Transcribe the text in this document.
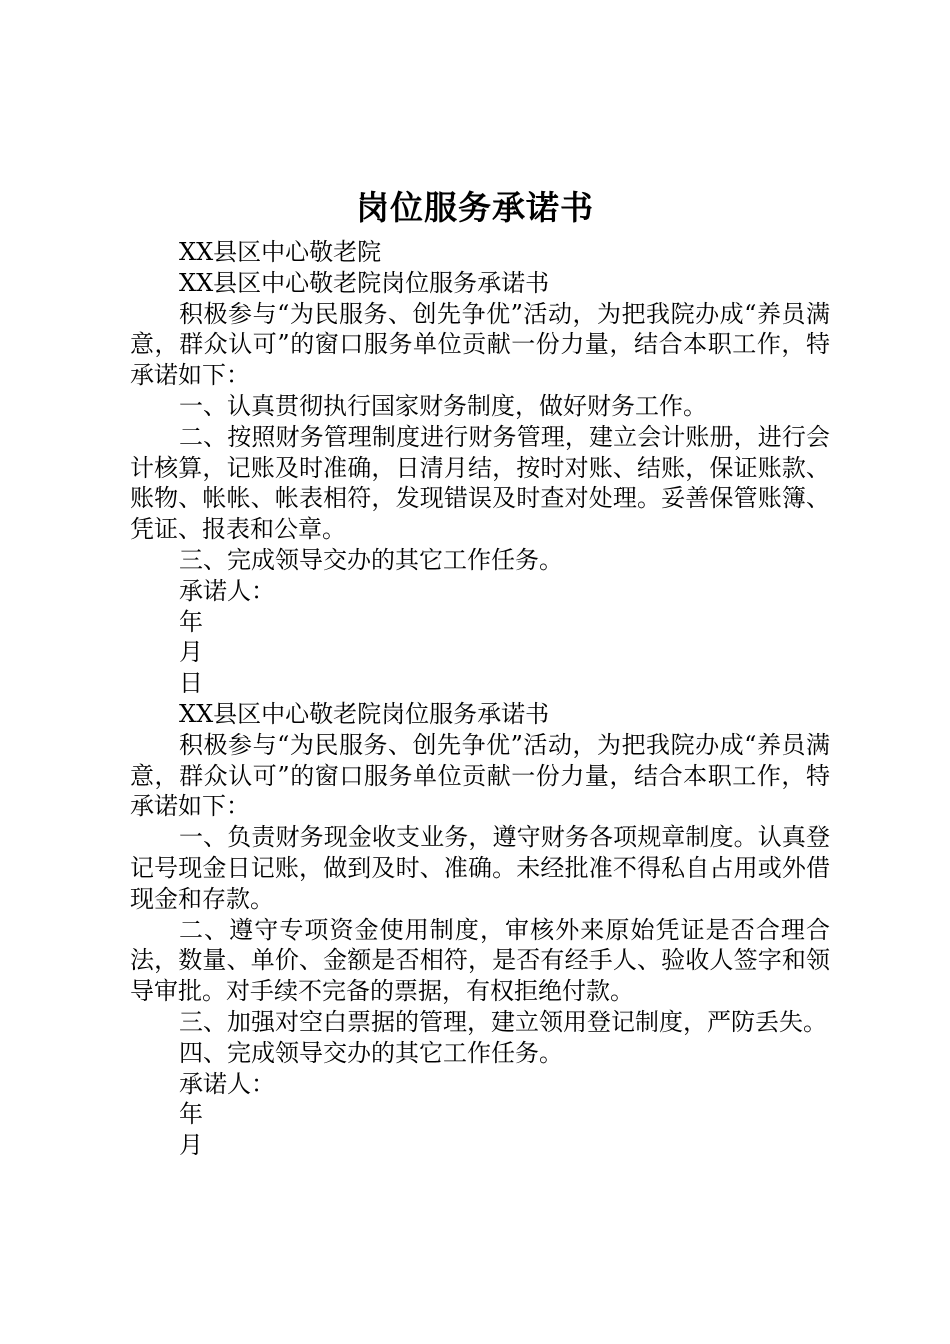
岗位服务承诺书

XX县区中心敬老院

XX县区中心敬老院岗位服务承诺书

积极参与“为民服务、创先争优”活动，为把我院办成“养员满意，群众认可”的窗口服务单位贡献一份力量，结合本职工作，特承诺如下：

一、认真贯彻执行国家财务制度，做好财务工作。

二、按照财务管理制度进行财务管理，建立会计账册，进行会计核算，记账及时准确，日清月结，按时对账、结账，保证账款、账物、帐帐、帐表相符，发现错误及时查对处理。妥善保管账簿、凭证、报表和公章。

三、完成领导交办的其它工作任务。

承诺人：

年

月

日

XX县区中心敬老院岗位服务承诺书

积极参与“为民服务、创先争优”活动，为把我院办成“养员满意，群众认可”的窗口服务单位贡献一份力量，结合本职工作，特承诺如下：

一、负责财务现金收支业务，遵守财务各项规章制度。认真登记号现金日记账，做到及时、准确。未经批准不得私自占用或外借现金和存款。

二、遵守专项资金使用制度，审核外来原始凭证是否合理合法，数量、单价、金额是否相符，是否有经手人、验收人签字和领导审批。对手续不完备的票据，有权拒绝付款。

三、加强对空白票据的管理，建立领用登记制度，严防丢失。

四、完成领导交办的其它工作任务。

承诺人：

年

月
